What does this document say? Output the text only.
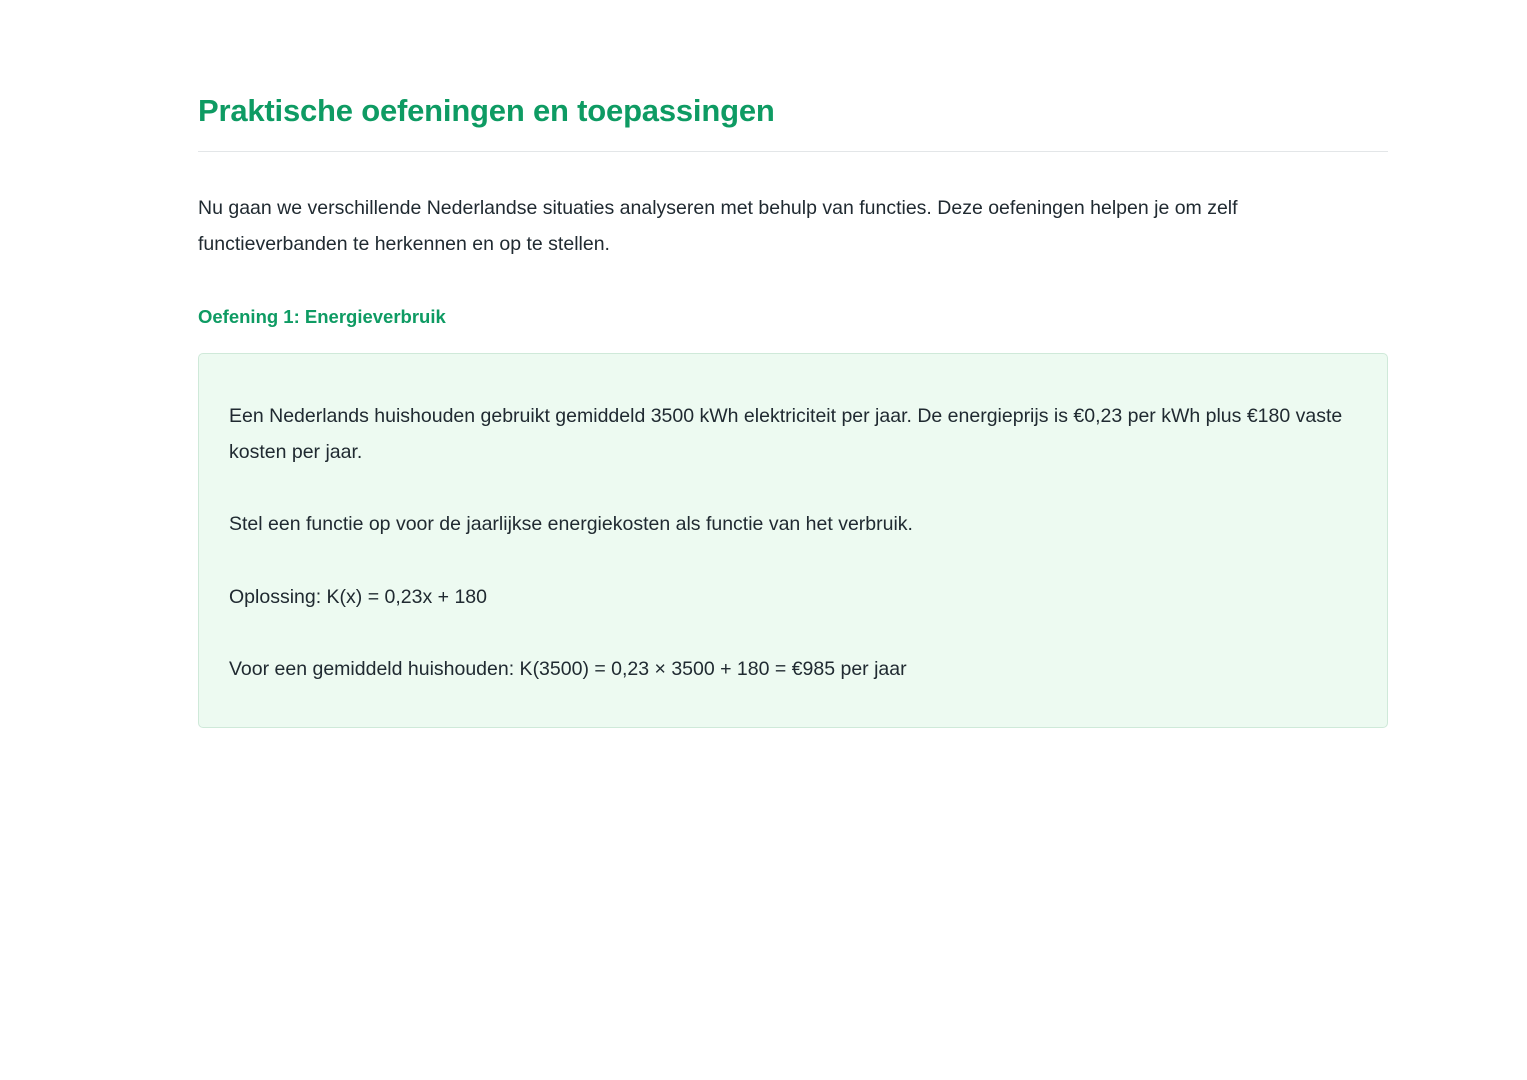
Praktische oefeningen en toepassingen

Nu gaan we verschillende Nederlandse situaties analyseren met behulp van functies. Deze oefeningen helpen je om zelf functieverbanden te herkennen en op te stellen.

Oefening 1: Energieverbruik

Een Nederlands huishouden gebruikt gemiddeld 3500 kWh elektriciteit per jaar. De energieprijs is €0,23 per kWh plus €180 vaste kosten per jaar.

Stel een functie op voor de jaarlijkse energiekosten als functie van het verbruik.

Oplossing: K(x) = 0,23x + 180

Voor een gemiddeld huishouden: K(3500) = 0,23 × 3500 + 180 = €985 per jaar
